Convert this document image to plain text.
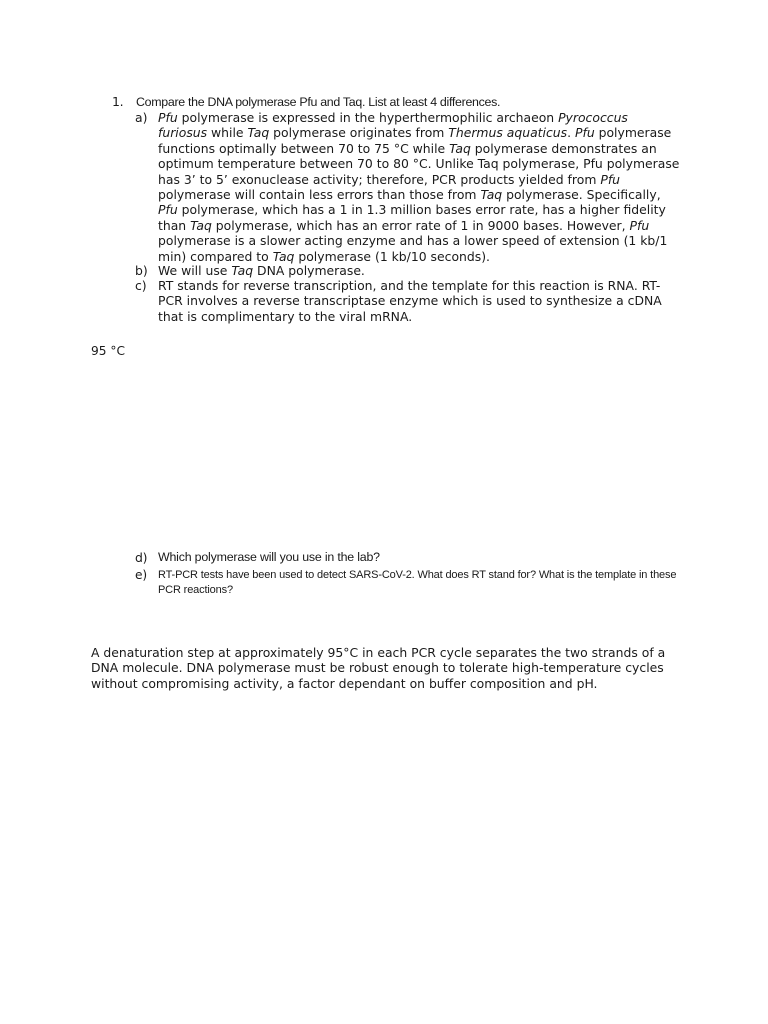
1. Compare the DNA polymerase Pfu and Taq. List at least 4 differences.
a) Pfu polymerase is expressed in the hyperthermophilic archaeon Pyrococcus furiosus while Taq polymerase originates from Thermus aquaticus. Pfu polymerase functions optimally between 70 to 75 °C while Taq polymerase demonstrates an optimum temperature between 70 to 80 °C. Unlike Taq polymerase, Pfu polymerase has 3’ to 5’ exonuclease activity; therefore, PCR products yielded from Pfu polymerase will contain less errors than those from Taq polymerase. Specifically, Pfu polymerase, which has a 1 in 1.3 million bases error rate, has a higher fidelity than Taq polymerase, which has an error rate of 1 in 9000 bases. However, Pfu polymerase is a slower acting enzyme and has a lower speed of extension (1 kb/1 min) compared to Taq polymerase (1 kb/10 seconds).
b) We will use Taq DNA polymerase.
c) RT stands for reverse transcription, and the template for this reaction is RNA. RT-PCR involves a reverse transcriptase enzyme which is used to synthesize a cDNA that is complimentary to the viral mRNA.
95 °C
d) Which polymerase will you use in the lab?
e) RT-PCR tests have been used to detect SARS-CoV-2. What does RT stand for? What is the template in these PCR reactions?
A denaturation step at approximately 95°C in each PCR cycle separates the two strands of a DNA molecule. DNA polymerase must be robust enough to tolerate high-temperature cycles without compromising activity, a factor dependant on buffer composition and pH.
